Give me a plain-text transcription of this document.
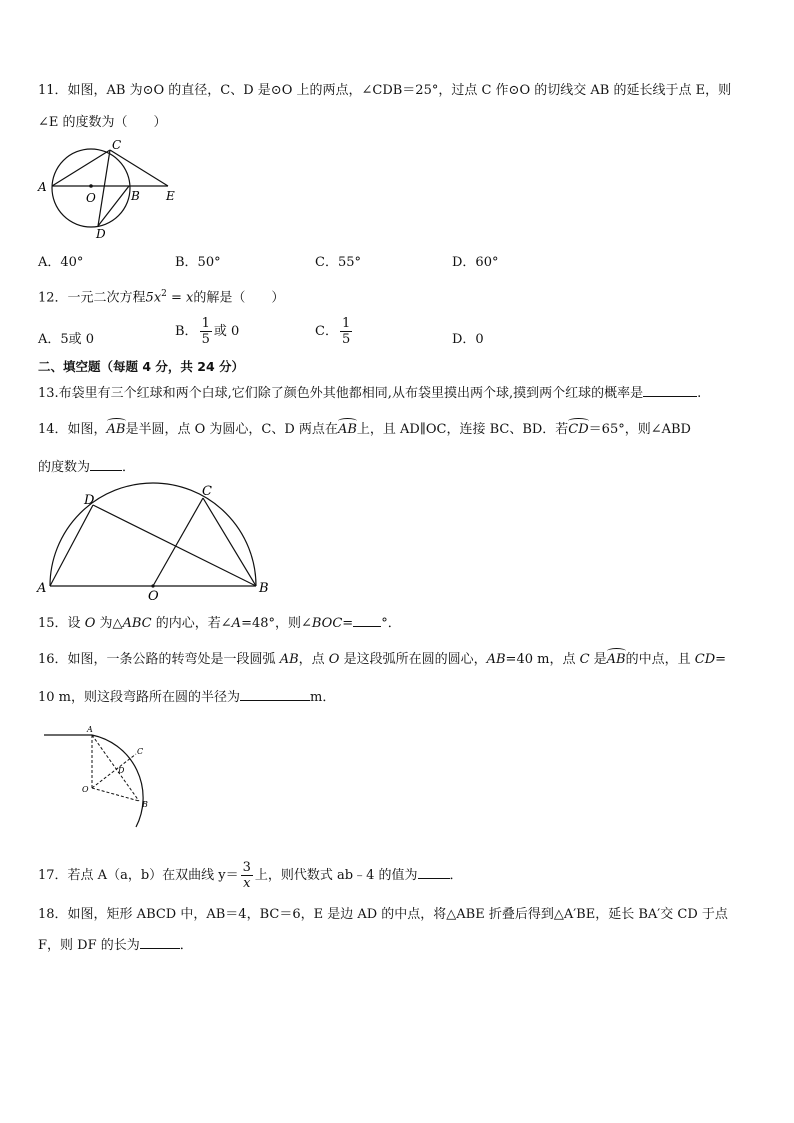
11．如图，AB 为⊙O 的直径，C、D 是⊙O 上的两点，∠CDB＝25°，过点 C 作⊙O 的切线交 AB 的延长线于点 E，则
∠E 的度数为（　　）
C
A
O	B E
D
A．40°	B．50°	C．55°	D．60°
12．一元二次方程$5x^2 = x$的解是（　　）
A．5或 0
B． $\frac{1}{5}$ 或 0	C． $\frac{1}{5}$	D．0
二、填空题（每题 4 分，共 24 分）
13.布袋里有三个红球和两个白球,它们除了颜色外其他都相同,从布袋里摸出两个球,摸到两个红球的概率是	.
14．如图，AB是半圆，点 O 为圆心，C、D 两点在AB上，且 AD∥OC，连接 BC、BD．若CD＝65°，则∠ABD
的度数为 ．
D
C
A
O
B
15．设 O 为△ABC 的内心，若∠A=48°，则∠BOC= °．
16．如图，一条公路的转弯处是一段圆弧 AB，点 O 是这段弧所在圆的圆心，AB=40 m，点 C 是AB的中点，且 CD=
10 m，则这段弯路所在圆的半径为	m．
A
C
D
O
B
17．若点 A（a，b）在双曲线 $y= \frac{3}{x}$ 上，则代数式 ab﹣4 的值为 ．
18．如图，矩形 ABCD 中，AB＝4，BC＝6，E 是边 AD 的中点，将△ABE 折叠后得到△A′BE，延长 BA′交 CD 于点
F，则 DF 的长为	．
